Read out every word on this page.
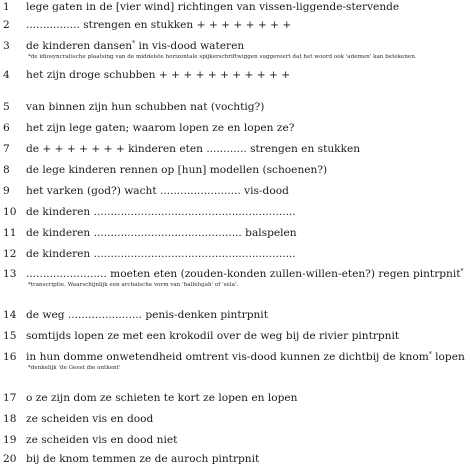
1	lege gaten in de [vier wind] richtingen van vissen-liggende-stervende
2	................ strengen en stukken + + + + + + + +
3	de kinderen dansen* in vis-dood wateren
*de idiosyncratische plaatsing van de middelste horizontale spijkerschriftwiggen suggereert dat het woord ook 'ademen' kan betekenen.
4	het zijn droge schubben + + + + + + + + + + +
5	van binnen zijn hun schubben nat (vochtig?)
6	het zijn lege gaten; waarom lopen ze en lopen ze?
7	de + + + + + + + kinderen eten ............ strengen en stukken
8	de lege kinderen rennen op [hun] modellen (schoenen?)
9	het varken (god?) wacht ........................ vis-dood
10 de kinderen ............................................................
11 de kinderen ............................................ balspelen
12 de kinderen ............................................................
13 ........................ moeten eten (zouden-konden zullen-willen-eten?) regen pintrpnit*
*transcriptie. Waarschijnlijk een archaïsche vorm van 'hallelujah' of 'sela'.
14 de weg ...................... penis-denken pintrpnit
15 somtijds lopen ze met een krokodil over de weg bij de rivier pintrpnit
16 in hun domme onwetendheid omtrent vis-dood kunnen ze dichtbij de knom* lopen
*denkelijk 'de Geest die ontkent'
17 o ze zijn dom ze schieten te kort ze lopen en lopen
18 ze scheiden vis en dood
19 ze scheiden vis en dood niet
20 bij de knom temmen ze de auroch pintrpnit
